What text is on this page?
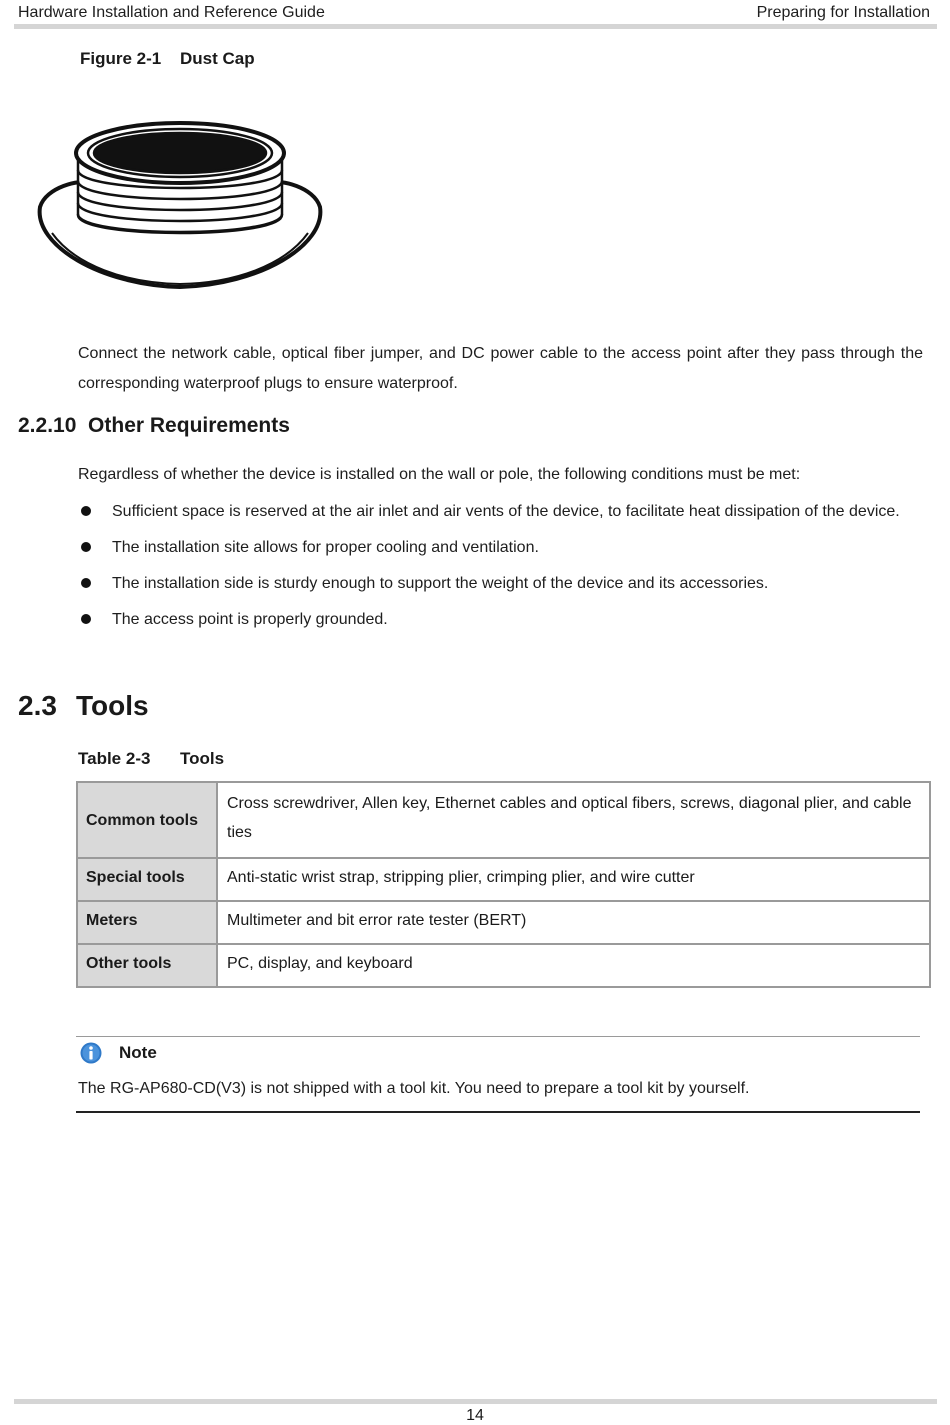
Hardware Installation and Reference Guide	Preparing for Installation
Figure 2-1 Dust Cap
Connect the network cable, optical fiber jumper, and DC power cable to the access point after they pass through the corresponding waterproof plugs to ensure waterproof.
2.2.10  Other Requirements
Regardless of whether the device is installed on the wall or pole, the following conditions must be met:
Sufficient space is reserved at the air inlet and air vents of the device, to facilitate heat dissipation of the device.
The installation site allows for proper cooling and ventilation.
The installation side is sturdy enough to support the weight of the device and its accessories.
The access point is properly grounded.
2.3 Tools
Table 2-3 Tools
Common tools	Cross screwdriver, Allen key, Ethernet cables and optical fibers, screws, diagonal plier, and cable ties
Special tools	Anti-static wrist strap, stripping plier, crimping plier, and wire cutter
Meters	Multimeter and bit error rate tester (BERT)
Other tools	PC, display, and keyboard
Note
The RG-AP680-CD(V3) is not shipped with a tool kit. You need to prepare a tool kit by yourself.
14
